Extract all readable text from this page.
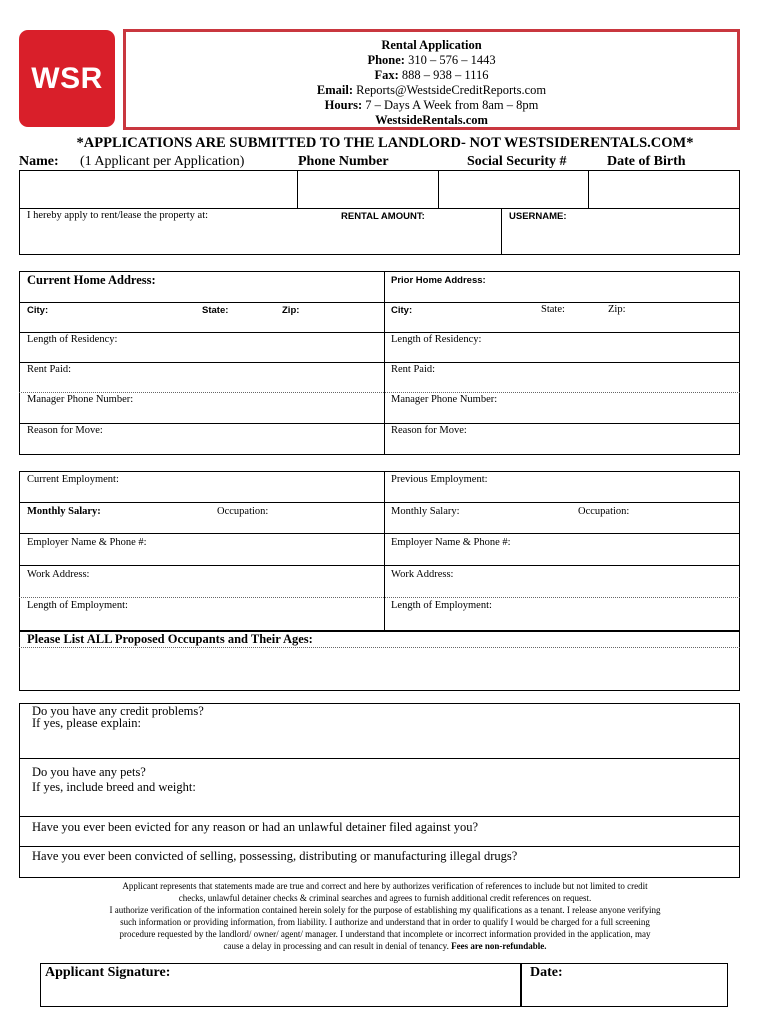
WSR
Rental Application
Phone: 310 – 576 – 1443
Fax: 888 – 938 – 1116
Email: Reports@WestsideCreditReports.com
Hours: 7 – Days A Week from 8am – 8pm
WestsideRentals.com
*APPLICATIONS ARE SUBMITTED TO THE LANDLORD- NOT WESTSIDERENTALS.COM*
Name: (1 Applicant per Application)	Phone Number	Social Security #	Date of Birth
I hereby apply to rent/lease the property at:	RENTAL AMOUNT:	USERNAME:
Current Home Address:	Prior Home Address:
City:	State:	Zip:	City:	State:	Zip:
Length of Residency:	Length of Residency:
Rent Paid:	Rent Paid:
Manager Phone Number:	Manager Phone Number:
Reason for Move:	Reason for Move:
Current Employment:	Previous Employment:
Monthly Salary:	Occupation:	Monthly Salary:	Occupation:
Employer Name & Phone #:	Employer Name & Phone #:
Work Address:	Work Address:
Length of Employment:	Length of Employment:
Please List ALL Proposed Occupants and Their Ages:
Do you have any credit problems?
If yes, please explain:
Do you have any pets?
If yes, include breed and weight:
Have you ever been evicted for any reason or had an unlawful detainer filed against you?
Have you ever been convicted of selling, possessing, distributing or manufacturing illegal drugs?
Applicant represents that statements made are true and correct and here by authorizes verification of references to include but not limited to credit
checks, unlawful detainer checks & criminal searches and agrees to furnish additional credit references on request.
I authorize verification of the information contained herein solely for the purpose of establishing my qualifications as a tenant. I release anyone verifying
such information or providing information, from liability. I authorize and understand that in order to qualify I would be charged for a full screening
procedure requested by the landlord/ owner/ agent/ manager. I understand that incomplete or incorrect information provided in the application, may
cause a delay in processing and can result in denial of tenancy. Fees are non-refundable.
Applicant Signature:	Date:
